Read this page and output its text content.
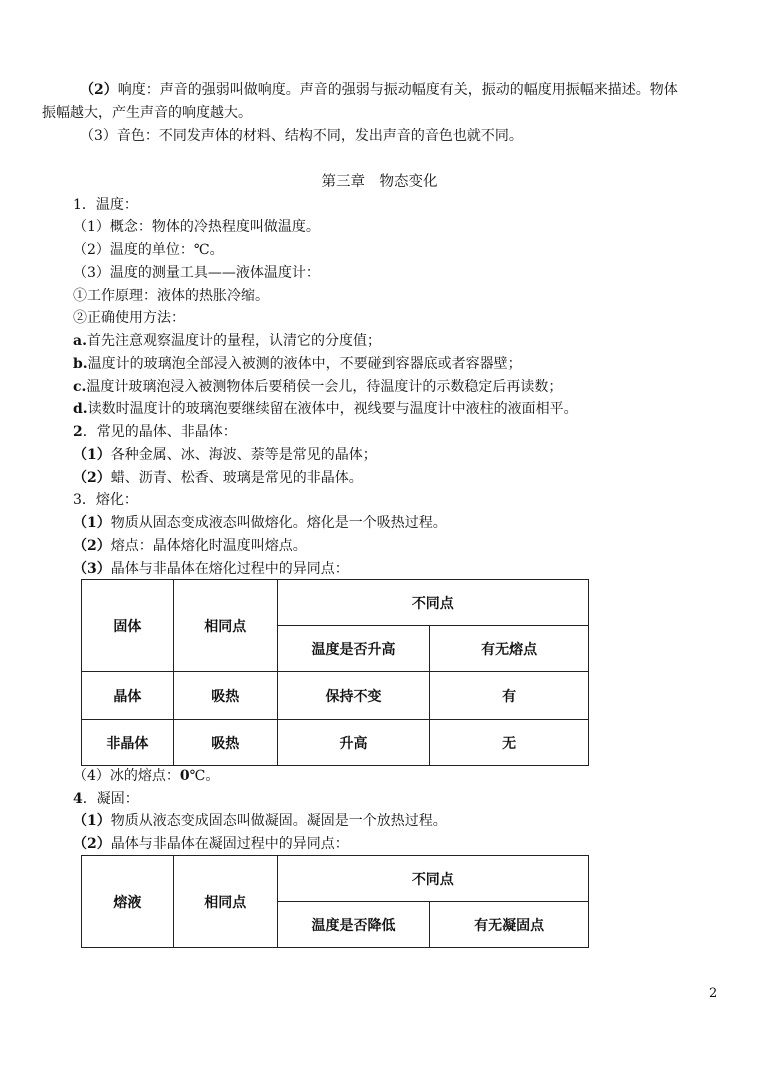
（2）响度：声音的强弱叫做响度。声音的强弱与振动幅度有关，振动的幅度用振幅来描述。物体
振幅越大，产生声音的响度越大。
（3）音色：不同发声体的材料、结构不同，发出声音的音色也就不同。
第三章　物态变化
1．温度：
（1）概念：物体的冷热程度叫做温度。
（2）温度的单位：℃。
（3）温度的测量工具——液体温度计：
①工作原理：液体的热胀冷缩。
②正确使用方法：
a.首先注意观察温度计的量程，认清它的分度值；
b.温度计的玻璃泡全部浸入被测的液体中，不要碰到容器底或者容器壁；
c.温度计玻璃泡浸入被测物体后要稍侯一会儿，待温度计的示数稳定后再读数；
d.读数时温度计的玻璃泡要继续留在液体中，视线要与温度计中液柱的液面相平。
2．常见的晶体、非晶体：
（1）各种金属、冰、海波、萘等是常见的晶体；
（2）蜡、沥青、松香、玻璃是常见的非晶体。
3．熔化：
（1）物质从固态变成液态叫做熔化。熔化是一个吸热过程。
（2）熔点：晶体熔化时温度叫熔点。
（3）晶体与非晶体在熔化过程中的异同点：
固体	相同点	不同点	
		温度是否升高	有无熔点
晶体	吸热	保持不变	有
非晶体	吸热	升高	无
（4）冰的熔点：0℃。
4．凝固：
（1）物质从液态变成固态叫做凝固。凝固是一个放热过程。
（2）晶体与非晶体在凝固过程中的异同点：
熔液	相同点	不同点	
		温度是否降低	有无凝固点
2
